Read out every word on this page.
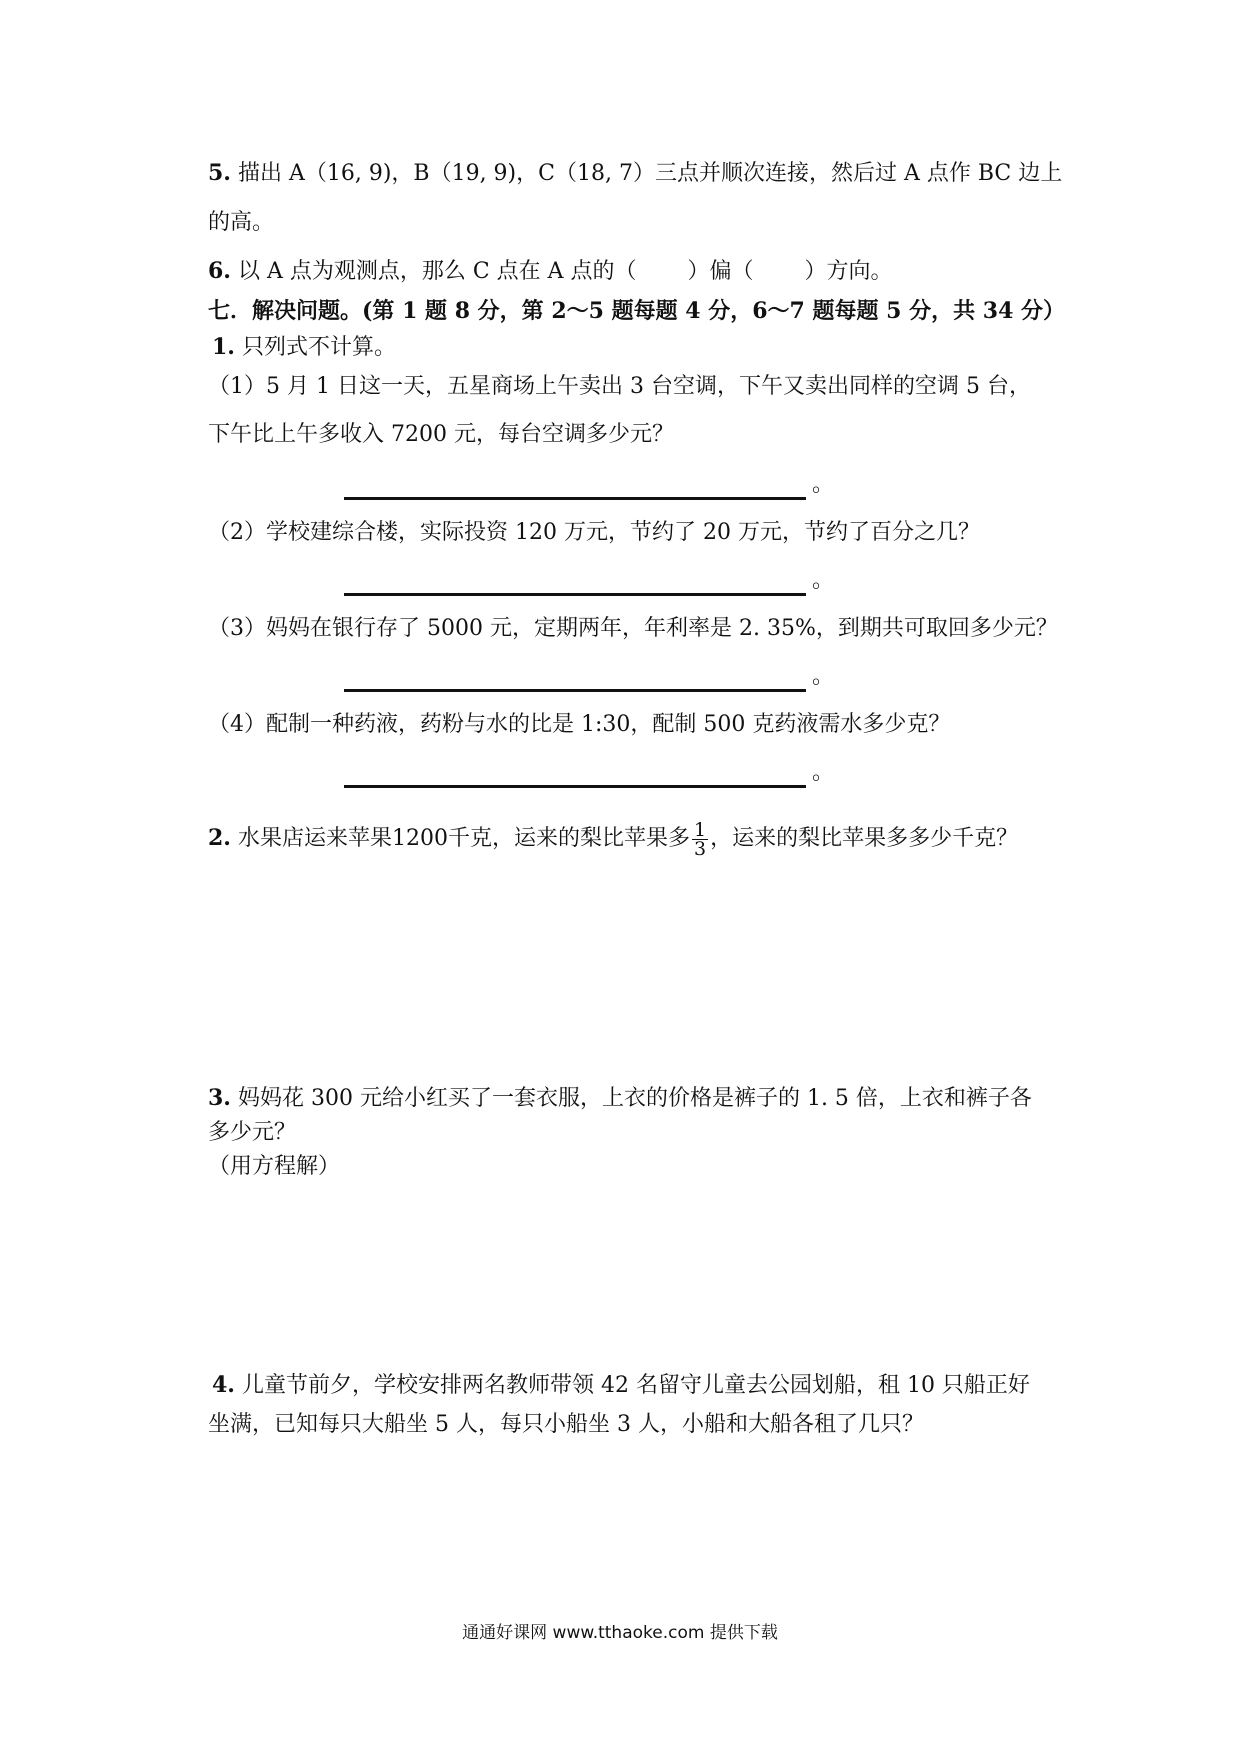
5. 描出 A（16, 9)，B（19, 9)，C（18, 7）三点并顺次连接，然后过 A 点作 BC 边上
的高。
6. 以 A 点为观测点，那么 C 点在 A 点的（　　 ）偏（　　 ）方向。
七．解决问题。(第 1 题 8 分，第 2～5 题每题 4 分，6～7 题每题 5 分，共 34 分）
1. 只列式不计算。
（1）5 月 1 日这一天，五星商场上午卖出 3 台空调，下午又卖出同样的空调 5 台，
下午比上午多收入 7200 元，每台空调多少元？
。
（2）学校建综合楼，实际投资 120 万元，节约了 20 万元，节约了百分之几？
。
（3）妈妈在银行存了 5000 元，定期两年，年利率是 2. 35%，到期共可取回多少元？
。
（4）配制一种药液，药粉与水的比是 1:30，配制 500 克药液需水多少克？
。
2. 水果店运来苹果1200千克，运来的梨比苹果多 $\frac{1}{3}$ ，运来的梨比苹果多多少千克？
3. 妈妈花 300 元给小红买了一套衣服，上衣的价格是裤子的 1. 5 倍，上衣和裤子各
多少元？
（用方程解）
4. 儿童节前夕，学校安排两名教师带领 42 名留守儿童去公园划船，租 10 只船正好
坐满，已知每只大船坐 5 人，每只小船坐 3 人，小船和大船各租了几只？
通通好课网 www.tthaoke.com 提供下载
